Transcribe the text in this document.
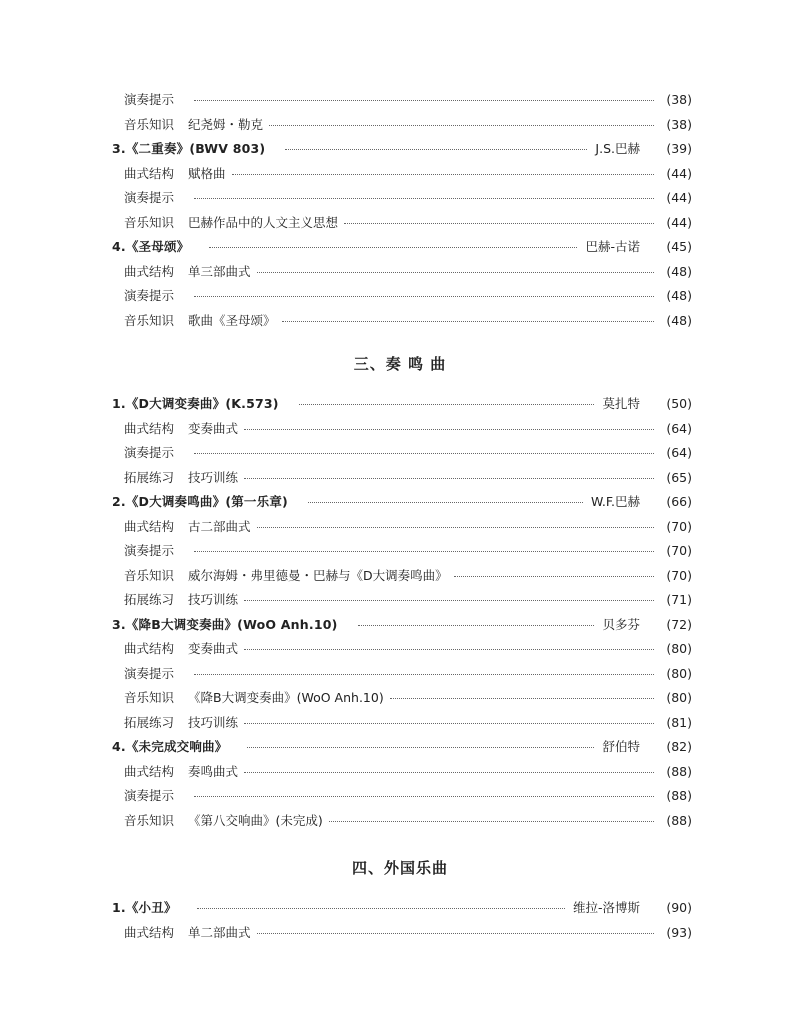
演奏提示	(38)
音乐知识 纪尧姆・勒克	(38)
3.《二重奏》(BWV 803)	J.S.巴赫 (39)
曲式结构 赋格曲	(44)
演奏提示	(44)
音乐知识 巴赫作品中的人文主义思想	(44)
4.《圣母颂》	巴赫-古诺 (45)
曲式结构 单三部曲式	(48)
演奏提示	(48)
音乐知识 歌曲《圣母颂》	(48)
三、奏 鸣 曲
1.《D大调变奏曲》(K.573)	莫扎特 (50)
曲式结构 变奏曲式	(64)
演奏提示	(64)
拓展练习 技巧训练	(65)
2.《D大调奏鸣曲》(第一乐章)	W.F.巴赫 (66)
曲式结构 古二部曲式	(70)
演奏提示	(70)
音乐知识 威尔海姆・弗里德曼・巴赫与《D大调奏鸣曲》	(70)
拓展练习 技巧训练	(71)
3.《降B大调变奏曲》(WoO Anh.10)	贝多芬 (72)
曲式结构 变奏曲式	(80)
演奏提示	(80)
音乐知识 《降B大调变奏曲》(WoO Anh.10)	(80)
拓展练习 技巧训练	(81)
4.《未完成交响曲》	舒伯特 (82)
曲式结构 奏鸣曲式	(88)
演奏提示	(88)
音乐知识 《第八交响曲》(未完成)	(88)
四、外国乐曲
1.《小丑》	维拉-洛博斯 (90)
曲式结构 单二部曲式	(93)
